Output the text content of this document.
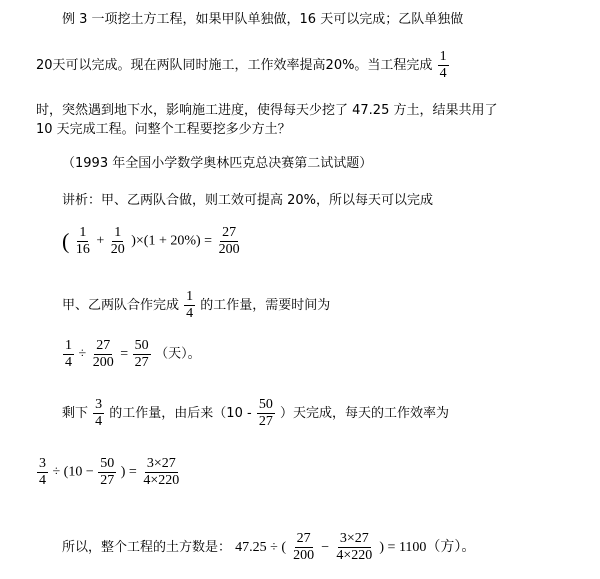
例 3 一项挖土方工程，如果甲队单独做，16 天可以完成；乙队单独做
20天可以完成。现在两队同时施工，工作效率提高20%。当工程完成 $\frac{1}{4}$
时，突然遇到地下水，影响施工进度，使得每天少挖了 47.25 方土，结果共用了
10 天完成工程。问整个工程要挖多少方土？
（1993 年全国小学数学奥林匹克总决赛第二试试题）
讲析：甲、乙两队合做，则工效可提高 20%，所以每天可以完成
( $\frac{1}{16} + \frac{1}{20} )\times(1 + 20\%) = \frac{27}{200}$
甲、乙两队合作完成 $\frac{1}{4}$ 的工作量，需要时间为
$\frac{1}{4} \div \frac{27}{200} = \frac{50}{27}$ （天）。
剩下 $\frac{3}{4}$ 的工作量，由后来（$10 - \frac{50}{27}$ ）天完成，每天的工作效率为
$\frac{3}{4} \div (10 - \frac{50}{27}$ ) = $\frac{3\times 27}{4\times 220}$
所以，整个工程的土方数是： 47.25 ÷ ( $\frac{27}{200} - \frac{3\times 27}{4\times 220}$ ) = 1100（方）。
